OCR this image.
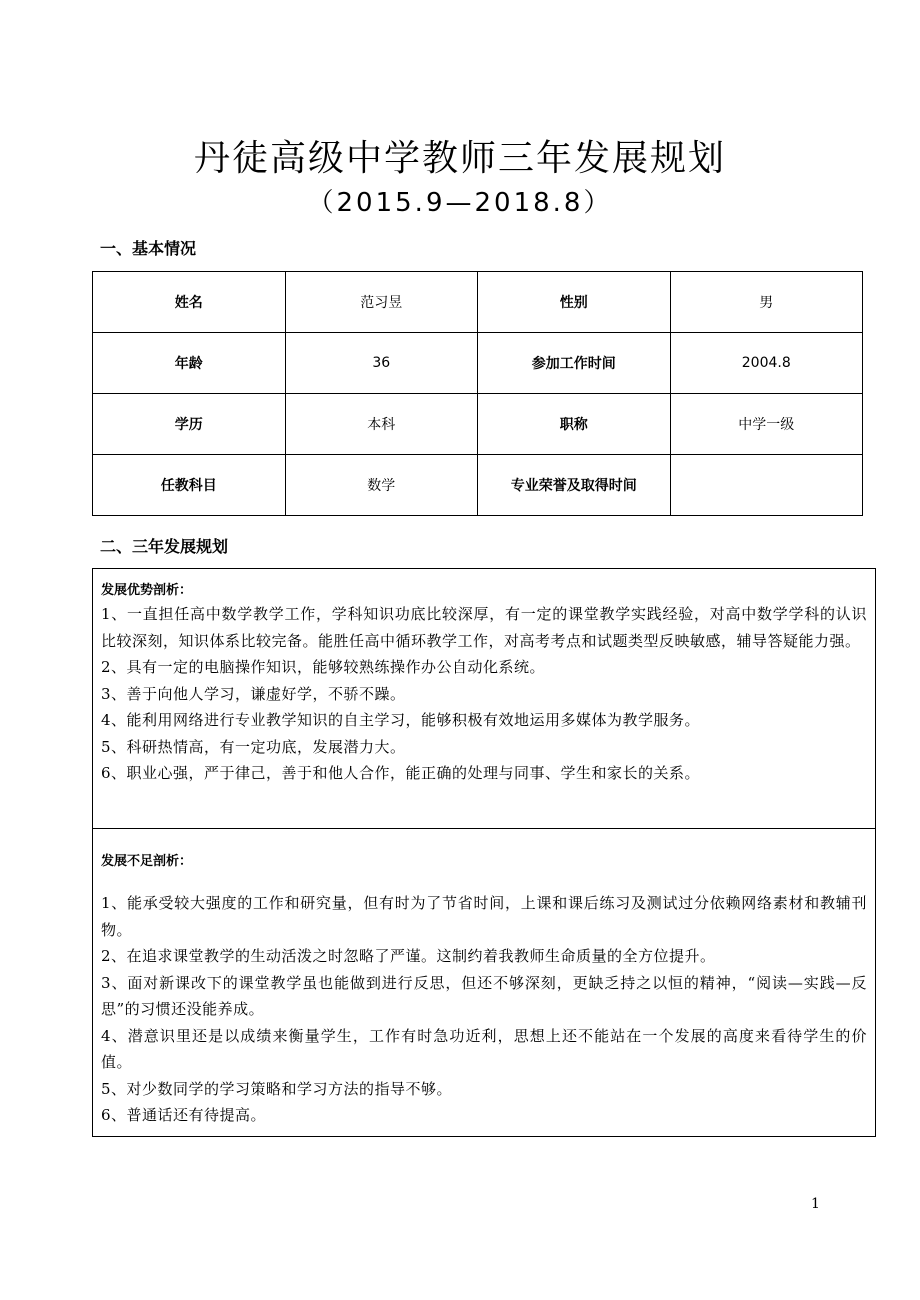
丹徒高级中学教师三年发展规划
（2015.9—2018.8）
一、基本情况
姓名	范习昱	性别	男
年龄	36	参加工作时间	2004.8
学历	本科	职称	中学一级
任教科目	数学	专业荣誉及取得时间	
二、三年发展规划

发展优势剖析：

1、一直担任高中数学教学工作，学科知识功底比较深厚，有一定的课堂教学实践经验，对高中数学学科的认识比较深刻，知识体系比较完备。能胜任高中循环教学工作，对高考考点和试题类型反映敏感，辅导答疑能力强。

2、具有一定的电脑操作知识，能够较熟练操作办公自动化系统。

3、善于向他人学习，谦虚好学，不骄不躁。

4、能利用网络进行专业教学知识的自主学习，能够积极有效地运用多媒体为教学服务。

5、科研热情高，有一定功底，发展潜力大。

6、职业心强，严于律己，善于和他人合作，能正确的处理与同事、学生和家长的关系。

发展不足剖析：

1、能承受较大强度的工作和研究量，但有时为了节省时间，上课和课后练习及测试过分依赖网络素材和教辅刊物。

2、在追求课堂教学的生动活泼之时忽略了严谨。这制约着我教师生命质量的全方位提升。

3、面对新课改下的课堂教学虽也能做到进行反思，但还不够深刻，更缺乏持之以恒的精神，“阅读—实践—反思”的习惯还没能养成。

4、潜意识里还是以成绩来衡量学生，工作有时急功近利，思想上还不能站在一个发展的高度来看待学生的价值。

5、对少数同学的学习策略和学习方法的指导不够。

6、普通话还有待提高。

1
